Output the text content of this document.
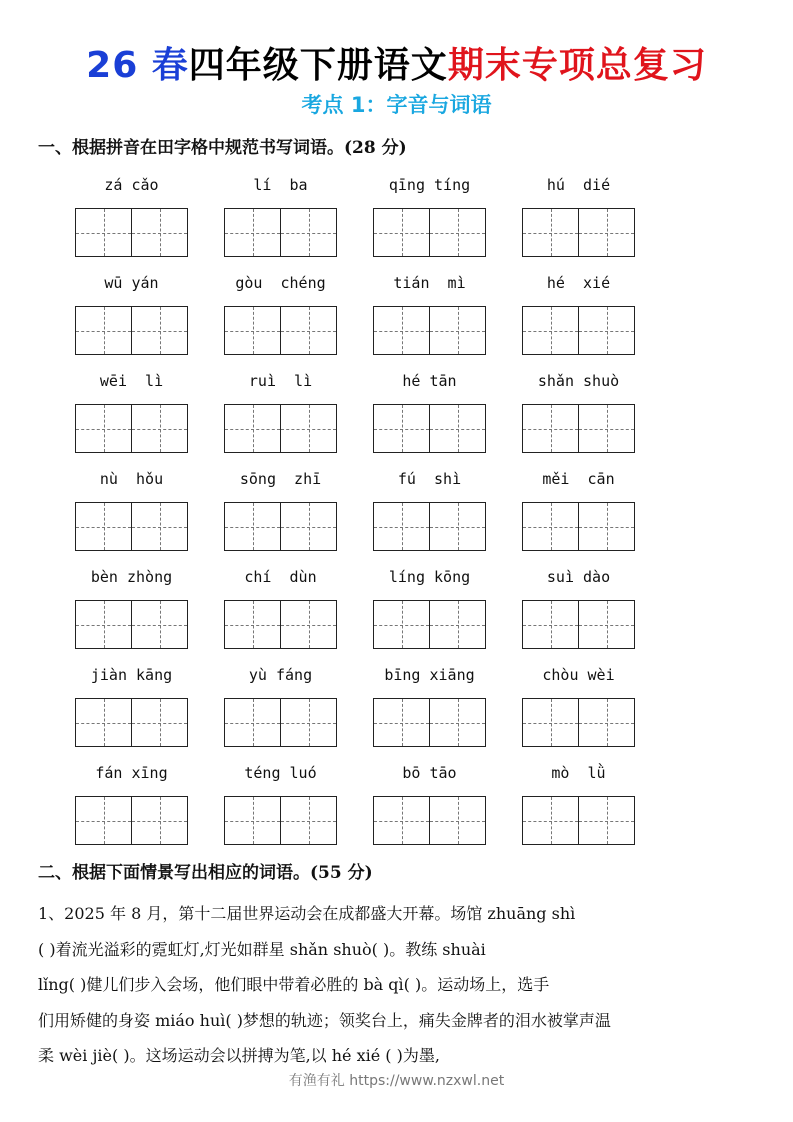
26 春四年级下册语文期末专项总复习
考点 1：字音与词语
一、根据拼音在田字格中规范书写词语。(28 分)
zá cǎo	lí  ba	qīng tíng	hú  dié
wū yán	gòu  chéng	tián  mì	hé  xié
wēi  lì	ruì  lì	hé tān	shǎn shuò
nù  hǒu	sōng  zhī	fú  shì	měi  cān
bèn zhòng	chí  dùn	líng kōng	suì dào
jiàn kāng	yù fáng	bīng xiāng	chòu wèi
fán xīng	téng luó	bō tāo	mò  lǜ
二、根据下面情景写出相应的词语。(55 分)

1、2025 年 8 月，第十二届世界运动会在成都盛大开幕。场馆 zhuāng shì

( )着流光溢彩的霓虹灯,灯光如群星 shǎn shuò( )。教练 shuài

lǐng( )健儿们步入会场，他们眼中带着必胜的 bà qì( )。运动场上，选手

们用矫健的身姿 miáo huì( )梦想的轨迹；领奖台上，痛失金牌者的泪水被掌声温

柔 wèi jiè( )。这场运动会以拼搏为笔,以 hé xié ( )为墨,

有渔有礼 https://www.nzxwl.net
